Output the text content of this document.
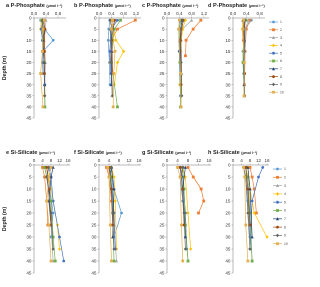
a P-Phosphate (µmol l⁻¹)
0,0 0,4 0,8
0
5
10
15
20
25
30
35
40
45
Depth (m)
b P-Phosphate (µmol l⁻¹)
0,0 0,4 0,8 1,2
0
5
10
15
20
25
30
35
40
45
c P-Phosphate (µmol l⁻¹)
0,0 0,4 0,8 1,2
0
5
10
15
20
25
30
35
40
45
d P-Phosphate (µmol l⁻¹)
0,0 0,4 0,8
0
5
10
15
20
25
30
35
40
45
1
2
3
4
5
6
7
8
9
10
e Si-Silicate (µmol l⁻¹)
0 4 8 12 16
0
5
10
15
20
25
30
35
40
45
Depth (m)
f Si-Silicate (µmol l⁻¹)
0 4 8 12 16
0
5
10
15
20
25
30
35
40
45
g Si-Silicate (µmol l⁻¹)
0 4 8 12 16
0
5
10
15
20
25
30
35
40
45
h Si-Silicate (µmol l⁻¹)
0 4 8 12 16
0
5
10
15
20
25
30
35
40
45
1
2
3
4
5
6
7
8
9
10
